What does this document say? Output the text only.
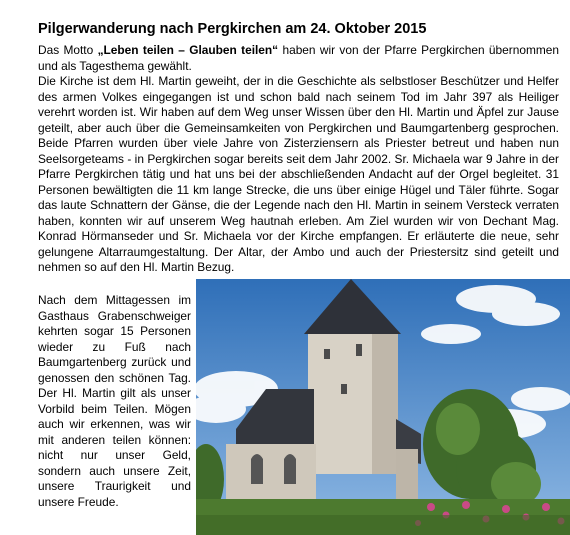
Pilgerwanderung nach Pergkirchen am 24. Oktober 2015

Das Motto „Leben teilen – Glauben teilen“ haben wir von der Pfarre Pergkirchen übernommen und als Tagesthema gewählt.

Die Kirche ist dem Hl. Martin geweiht, der in die Geschichte als selbstloser Beschützer und Helfer des armen Volkes eingegangen ist und schon bald nach seinem Tod im Jahr 397 als Heiliger verehrt worden ist. Wir haben auf dem Weg unser Wissen über den Hl. Martin und Äpfel zur Jause geteilt, aber auch über die Gemeinsamkeiten von Pergkirchen und Baumgartenberg gesprochen. Beide Pfarren wurden über viele Jahre von Zisterziensern als Priester betreut und haben nun Seelsorgeteams - in Pergkirchen sogar bereits seit dem Jahr 2002. Sr. Michaela war 9 Jahre in der Pfarre Pergkirchen tätig und hat uns bei der abschließenden Andacht auf der Orgel begleitet. 31 Personen bewältigten die 11 km lange Strecke, die uns über einige Hügel und Täler führte. Sogar das laute Schnattern der Gänse, die der Legende nach den Hl. Martin in seinem Versteck verraten haben, konnten wir auf unserem Weg hautnah erleben. Am Ziel wurden wir von Dechant Mag. Konrad Hörmanseder und Sr. Michaela vor der Kirche empfangen. Er erläuterte die neue, sehr gelungene Altarraumgestaltung. Der Altar, der Ambo und auch der Priestersitz sind geteilt und nehmen so auf den Hl. Martin Bezug.

Nach dem Mittagessen im Gasthaus Grabenschweiger kehrten sogar 15 Personen wieder zu Fuß nach Baumgartenberg zurück und genossen den schönen Tag. Der Hl. Martin gilt als unser Vorbild beim Teilen. Mögen auch wir erkennen, was wir mit anderen teilen können: nicht nur unser Geld, sondern auch unsere Zeit, unsere Traurigkeit und unsere Freude.
